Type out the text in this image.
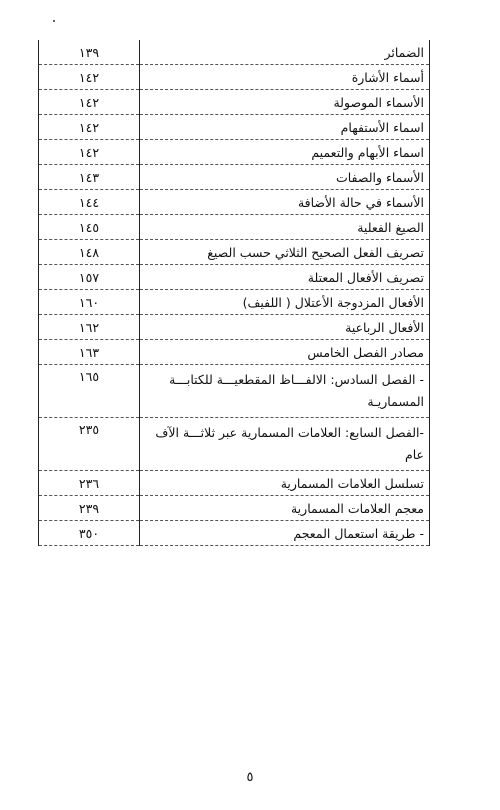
الضمائر	١٣٩
أسماء الأشارة	١٤٢
الأسماء الموصولة	١٤٢
اسماء الأستفهام	١٤٢
اسماء الأبهام والتعميم	١٤٢
الأسماء والصفات	١٤٣
الأسماء في حالة الأضافة	١٤٤
الصيغ الفعلية	١٤٥
تصريف الفعل الصحيح الثلاثي حسب الصيغ	١٤٨
تصريف الأفعال المعتلة	١٥٧
الأفعال المزدوجة الأعتلال ( اللفيف)	١٦٠
الأفعال الرباعية	١٦٢
مصادر الفصل الخامس	١٦٣
- الفصل السادس: الالفـــاظ المقطعيـــة للكتابـــة المسماريـة	١٦٥
-الفصل السابع: العلامات المسمارية عبر ثلاثـــة الآف عام	٢٣٥
تسلسل العلامات المسمارية	٢٣٦
معجم العلامات المسمارية	٢٣٩
- طريقة استعمال المعجم	٣٥٠
٥
